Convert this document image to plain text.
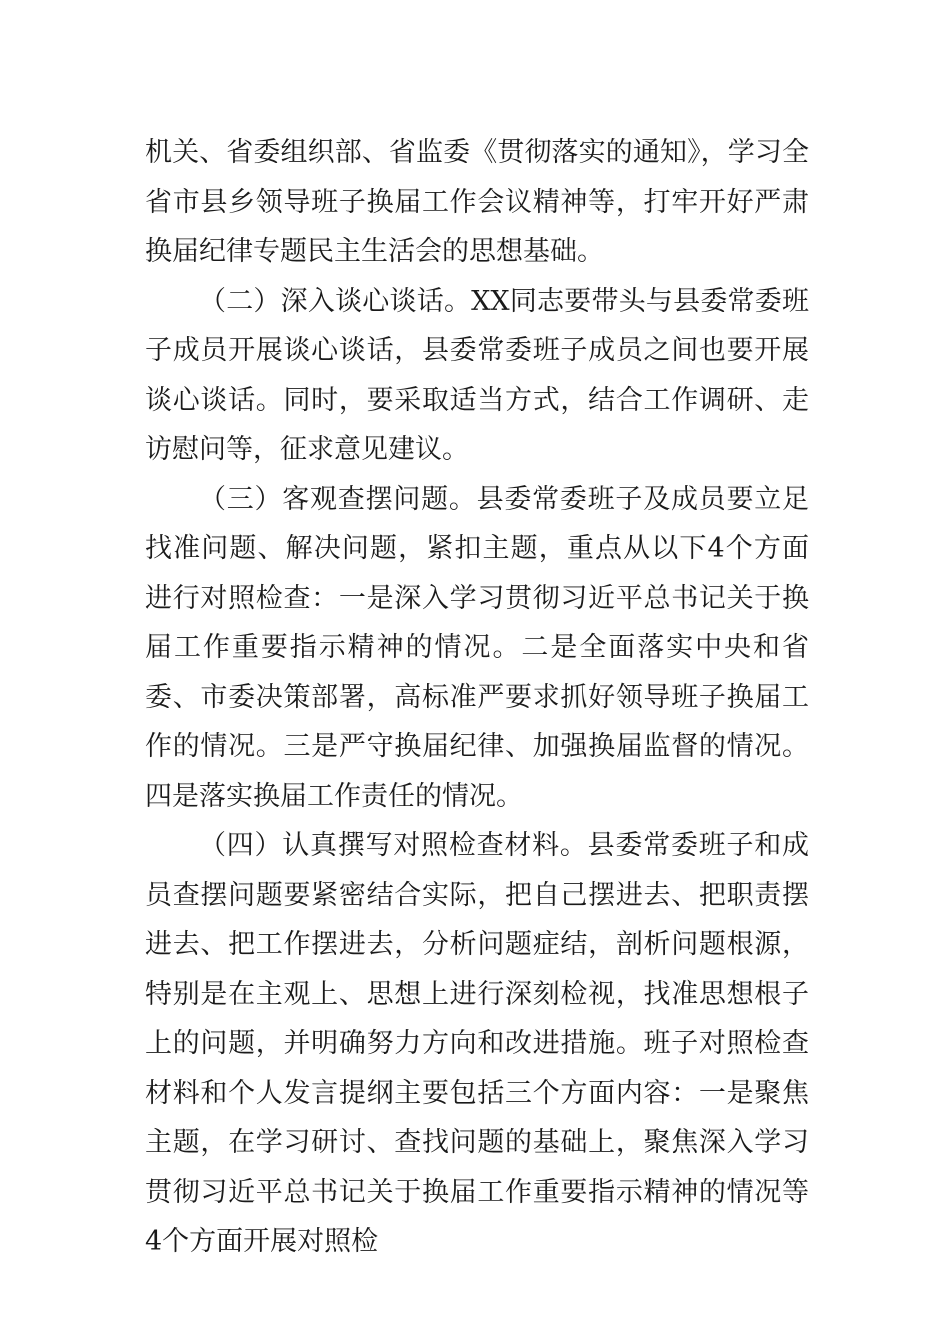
机关、省委组织部、省监委《贯彻落实的通知》，学习全省市县乡领导班子换届工作会议精神等，打牢开好严肃换届纪律专题民主生活会的思想基础。

（二）深入谈心谈话。XX同志要带头与县委常委班子成员开展谈心谈话，县委常委班子成员之间也要开展谈心谈话。同时，要采取适当方式，结合工作调研、走访慰问等，征求意见建议。

（三）客观查摆问题。县委常委班子及成员要立足找准问题、解决问题，紧扣主题，重点从以下4个方面进行对照检查：一是深入学习贯彻习近平总书记关于换届工作重要指示精神的情况。二是全面落实中央和省委、市委决策部署，高标准严要求抓好领导班子换届工作的情况。三是严守换届纪律、加强换届监督的情况。四是落实换届工作责任的情况。

（四）认真撰写对照检查材料。县委常委班子和成员查摆问题要紧密结合实际，把自己摆进去、把职责摆进去、把工作摆进去，分析问题症结，剖析问题根源，特别是在主观上、思想上进行深刻检视，找准思想根子上的问题，并明确努力方向和改进措施。班子对照检查材料和个人发言提纲主要包括三个方面内容：一是聚焦主题，在学习研讨、查找问题的基础上，聚焦深入学习贯彻习近平总书记关于换届工作重要指示精神的情况等4个方面开展对照检
